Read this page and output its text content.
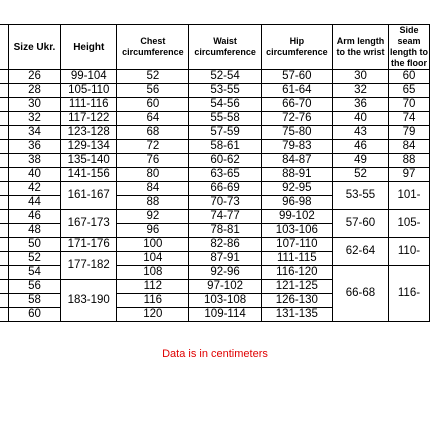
	Size Ukr.	Height	Chest circumference	Waist circumference	Hip circumference	Arm length to the wrist	Side seam length to the floor
	26	99-104	52	52-54	57-60	30	60
	28	105-110	56	53-55	61-64	32	65
	30	111-116	60	54-56	66-70	36	70
	32	117-122	64	55-58	72-76	40	74
	34	123-128	68	57-59	75-80	43	79
	36	129-134	72	58-61	79-83	46	84
	38	135-140	76	60-62	84-87	49	88
	40	141-156	80	63-65	88-91	52	97
	42	161-167	84	66-69	92-95	53-55	101-
	44		88	70-73	96-98		
	46	167-173	92	74-77	99-102	57-60	105-
	48		96	78-81	103-106		
	50	171-176	100	82-86	107-110	62-64	110-
	52	177-182	104	87-91	111-115		
	54		108	92-96	116-120	66-68	116-
	56	183-190	112	97-102	121-125		
	58		116	103-108	126-130		
	60		120	109-114	131-135		
Data is in centimeters
